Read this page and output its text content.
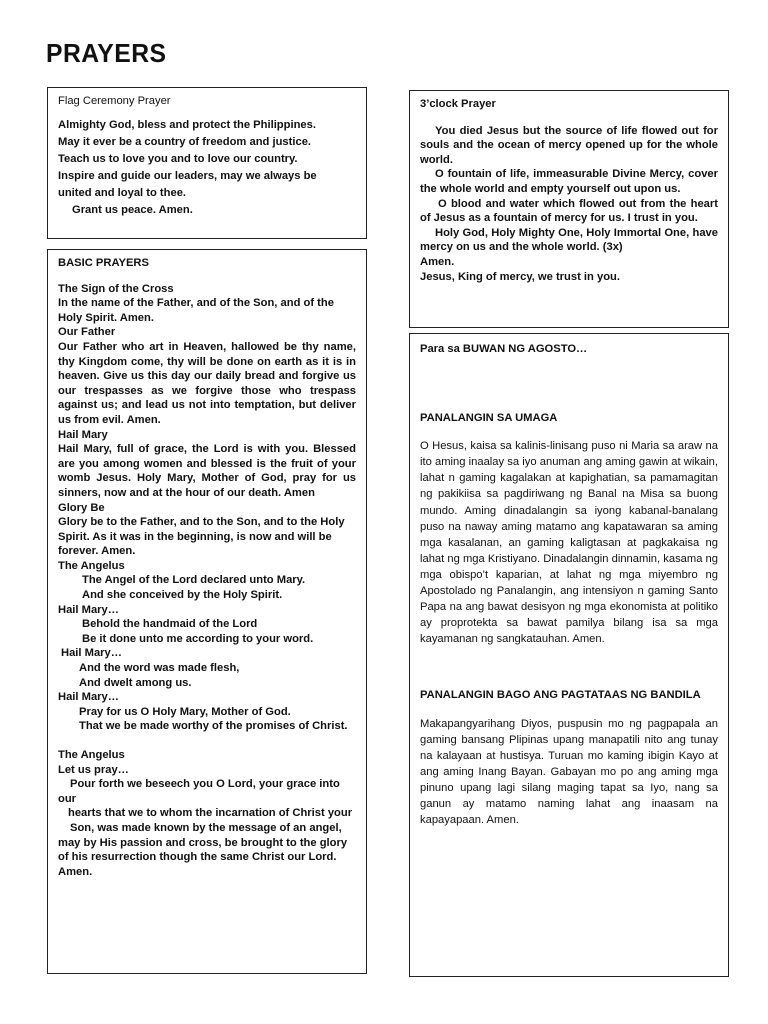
PRAYERS

Flag Ceremony Prayer

Almighty God, bless and protect the Philippines.

May it ever be a country of freedom and justice.

Teach us to love you and to love our country.

Inspire and guide our leaders, may we always be

united and loyal to thee.

Grant us peace. Amen.

BASIC PRAYERS

The Sign of the Cross

In the name of the Father, and of the Son, and of the Holy Spirit. Amen.

Our Father

Our Father who art in Heaven, hallowed be thy name, thy Kingdom come, thy will be done on earth as it is in heaven. Give us this day our daily bread and forgive us our trespasses as we forgive those who trespass against us; and lead us not into temptation, but deliver us from evil. Amen.

Hail Mary

Hail Mary, full of grace, the Lord is with you. Blessed are you among women and blessed is the fruit of your womb Jesus. Holy Mary, Mother of God, pray for us sinners, now and at the hour of our death. Amen

Glory Be

Glory be to the Father, and to the Son, and to the Holy Spirit. As it was in the beginning, is now and will be forever. Amen.

The Angelus

The Angel of the Lord declared unto Mary.

And she conceived by the Holy Spirit.

Hail Mary…

Behold the handmaid of the Lord

Be it done unto me according to your word.

Hail Mary…

And the word was made flesh,

And dwelt among us.

Hail Mary…

Pray for us O Holy Mary, Mother of God.

That we be made worthy of the promises of Christ.

The Angelus

Let us pray…

Pour forth we beseech you O Lord, your grace into our

hearts that we to whom the incarnation of Christ your

Son, was made known by the message of an angel, may by His passion and cross, be brought to the glory of his resurrection though the same Christ our Lord. Amen.

3’clock Prayer

You died Jesus but the source of life flowed out for souls and the ocean of mercy opened up for the whole world.

O fountain of life, immeasurable Divine Mercy, cover the whole world and empty yourself out upon us.

O blood and water which flowed out from the heart of Jesus as a fountain of mercy for us. I trust in you.

Holy God, Holy Mighty One, Holy Immortal One, have mercy on us and the whole world. (3x)

Amen.

Jesus, King of mercy, we trust in you.

Para sa BUWAN NG AGOSTO…

PANALANGIN SA UMAGA

O Hesus, kaisa sa kalinis-linisang puso ni Maria sa araw na ito aming inaalay sa iyo anuman ang aming gawin at wikain, lahat n gaming kagalakan at kapighatian, sa pamamagitan ng pakikiisa sa pagdiriwang ng Banal na Misa sa buong mundo. Aming dinadalangin sa iyong kabanal-banalang puso na naway aming matamo ang kapatawaran sa aming mga kasalanan, an gaming kaligtasan at pagkakaisa ng lahat ng mga Kristiyano. Dinadalangin dinnamin, kasama ng mga obispo’t kaparian, at lahat ng mga miyembro ng Apostolado ng Panalangin, ang intensiyon n gaming Santo Papa na ang bawat desisyon ng mga ekonomista at politiko ay proprotekta sa bawat pamilya bilang isa sa mga kayamanan ng sangkatauhan. Amen.

PANALANGIN BAGO ANG PAGTATAAS NG BANDILA

Makapangyarihang Diyos, puspusin mo ng pagpapala an gaming bansang Plipinas upang manapatili nito ang tunay na kalayaan at hustisya. Turuan mo kaming ibigin Kayo at ang aming Inang Bayan. Gabayan mo po ang aming mga pinuno upang lagi silang maging tapat sa Iyo, nang sa ganun ay matamo naming lahat ang inaasam na kapayapaan. Amen.
